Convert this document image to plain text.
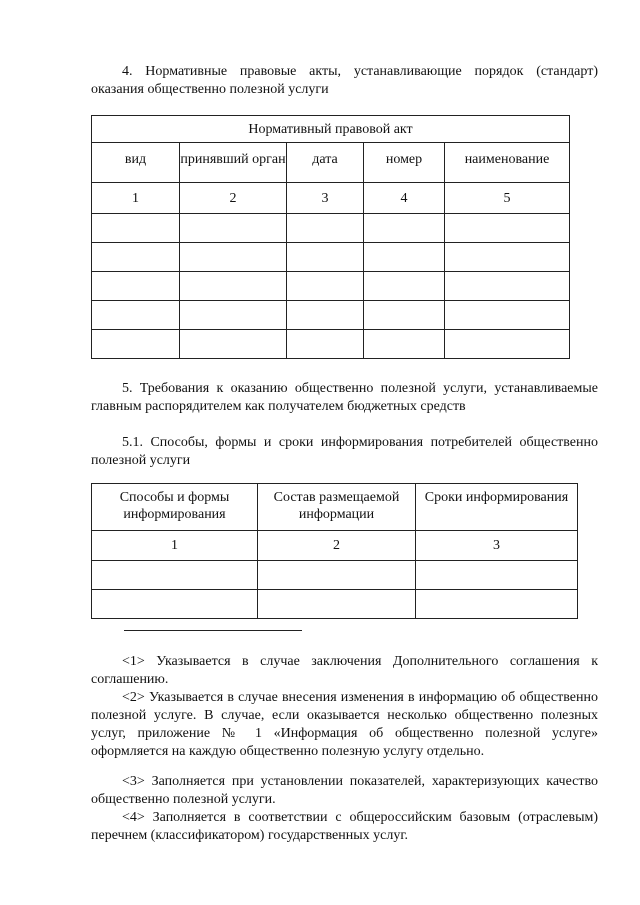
4. Нормативные правовые акты, устанавливающие порядок (стандарт) оказания общественно полезной услуги

Нормативный правовой акт				
вид	принявший орган	дата	номер	наименование
1	2	3	4	5

5. Требования к оказанию общественно полезной услуги, устанавливаемые главным распорядителем как получателем бюджетных средств

5.1. Способы, формы и сроки информирования потребителей общественно полезной услуги

Способы и формы информирования	Состав размещаемой информации	Сроки информирования
1	2	3

<1> Указывается в случае заключения Дополнительного соглашения к соглашению.

<2> Указывается в случае внесения изменения в информацию об общественно полезной услуге. В случае, если оказывается несколько общественно полезных услуг, приложение № 1 «Информация об общественно полезной услуге» оформляется на каждую общественно полезную услугу отдельно.

<3> Заполняется при установлении показателей, характеризующих качество общественно полезной услуги.

<4> Заполняется в соответствии с общероссийским базовым (отраслевым) перечнем (классификатором) государственных услуг.
